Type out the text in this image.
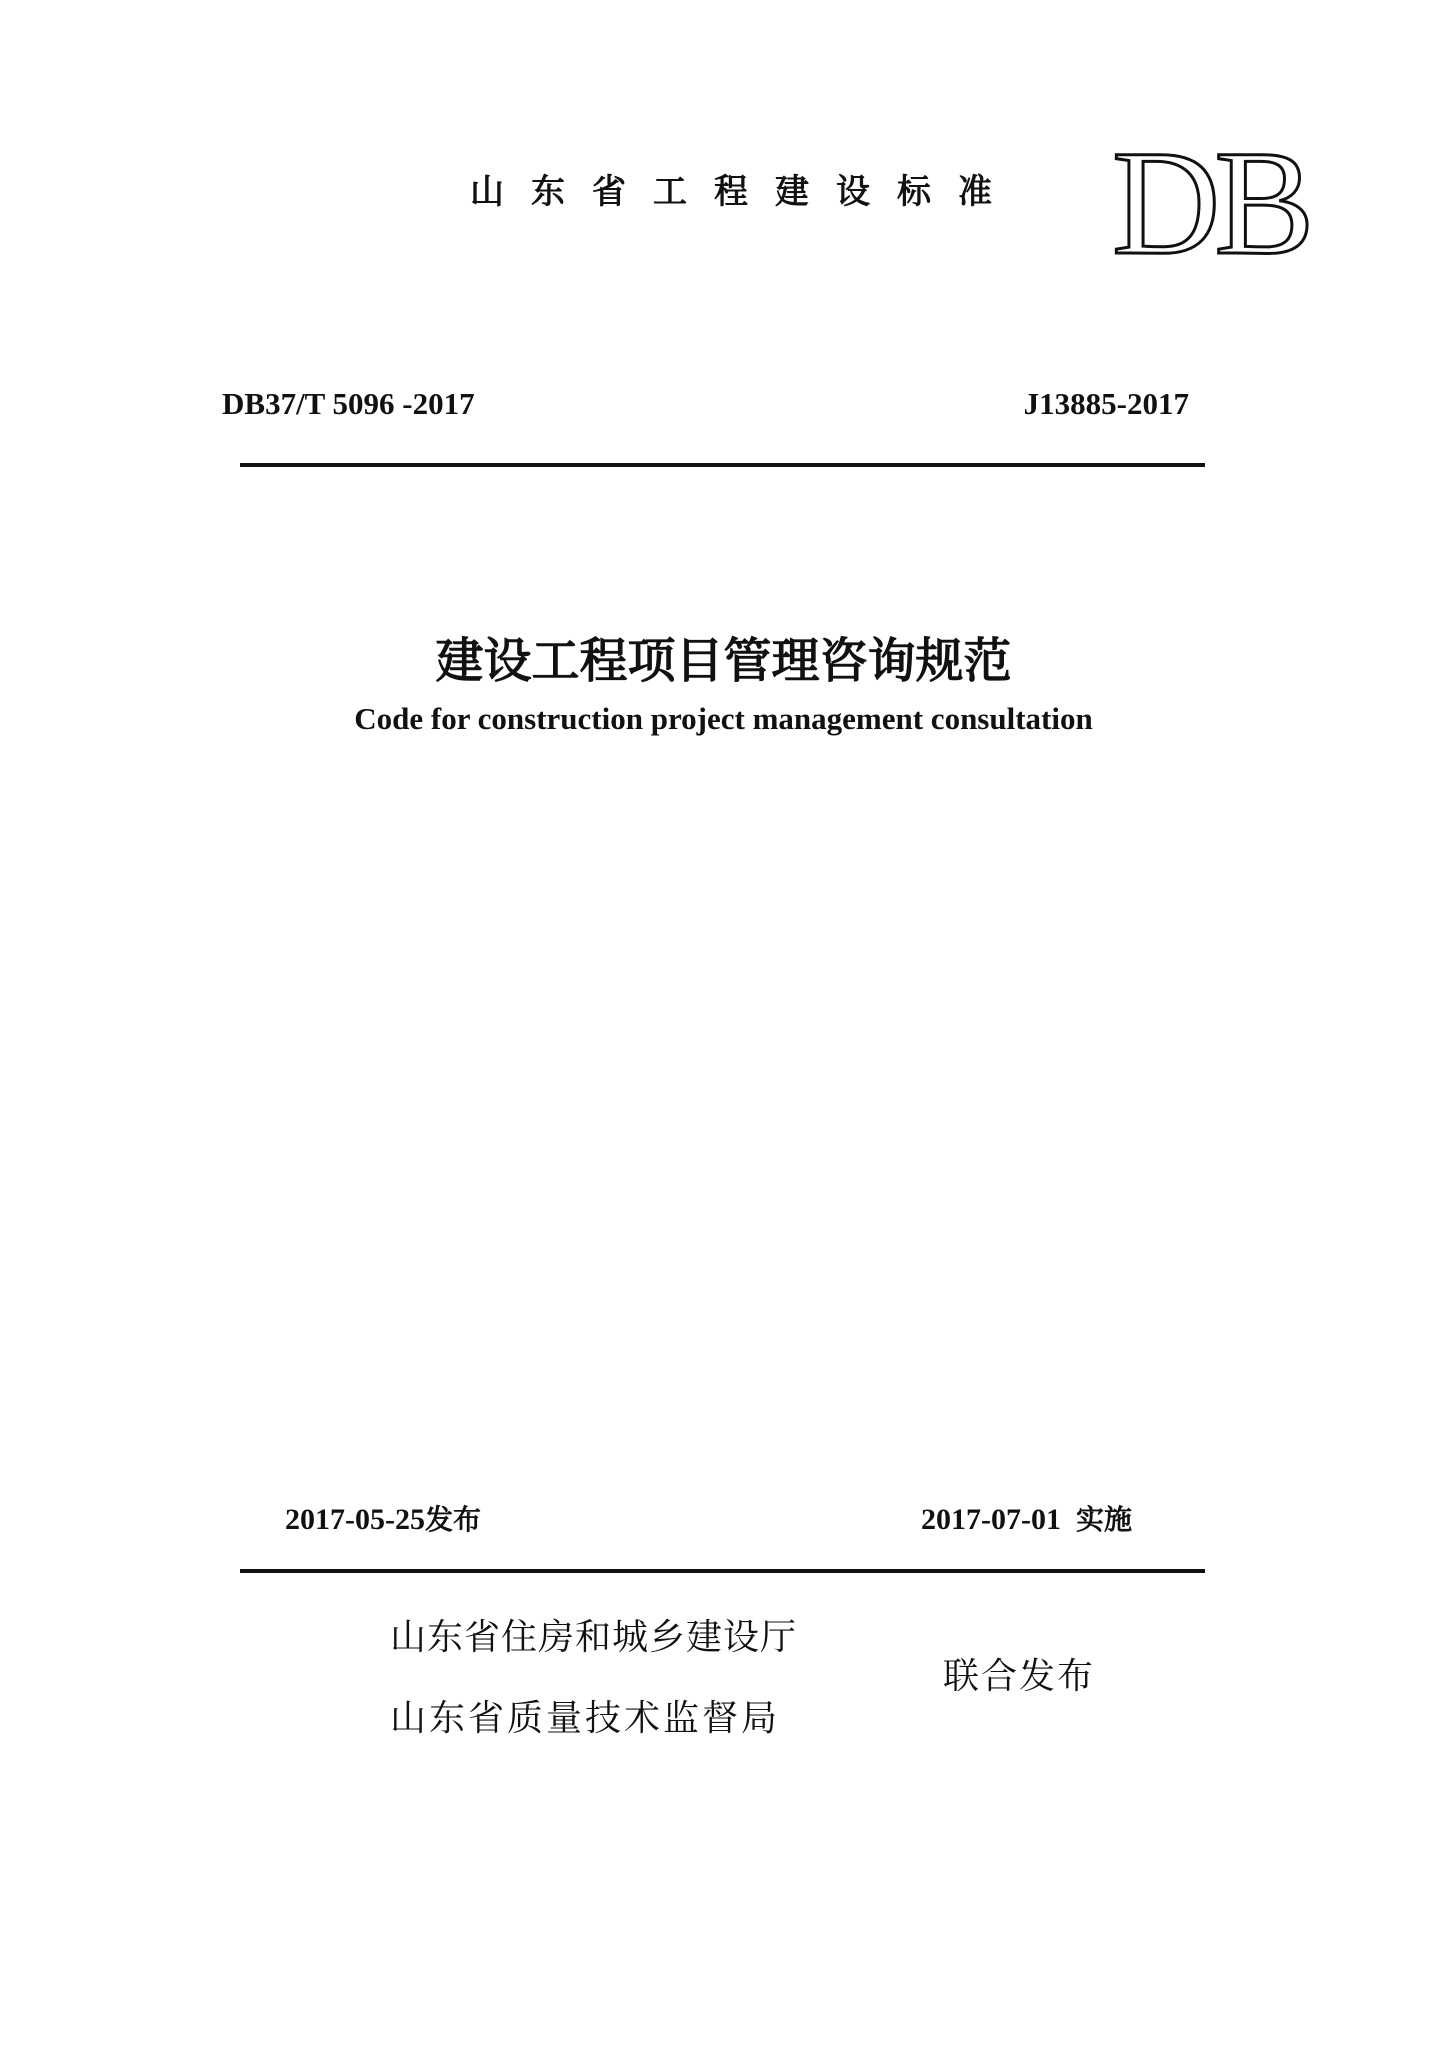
山东省工程建设标准 DB
DB37/T 5096 -2017	J13885-2017
建设工程项目管理咨询规范
Code for construction project management consultation
2017-05-25发布	2017-07-01 实施
山东省住房和城乡建设厅
山东省质量技术监督局
联合发布
